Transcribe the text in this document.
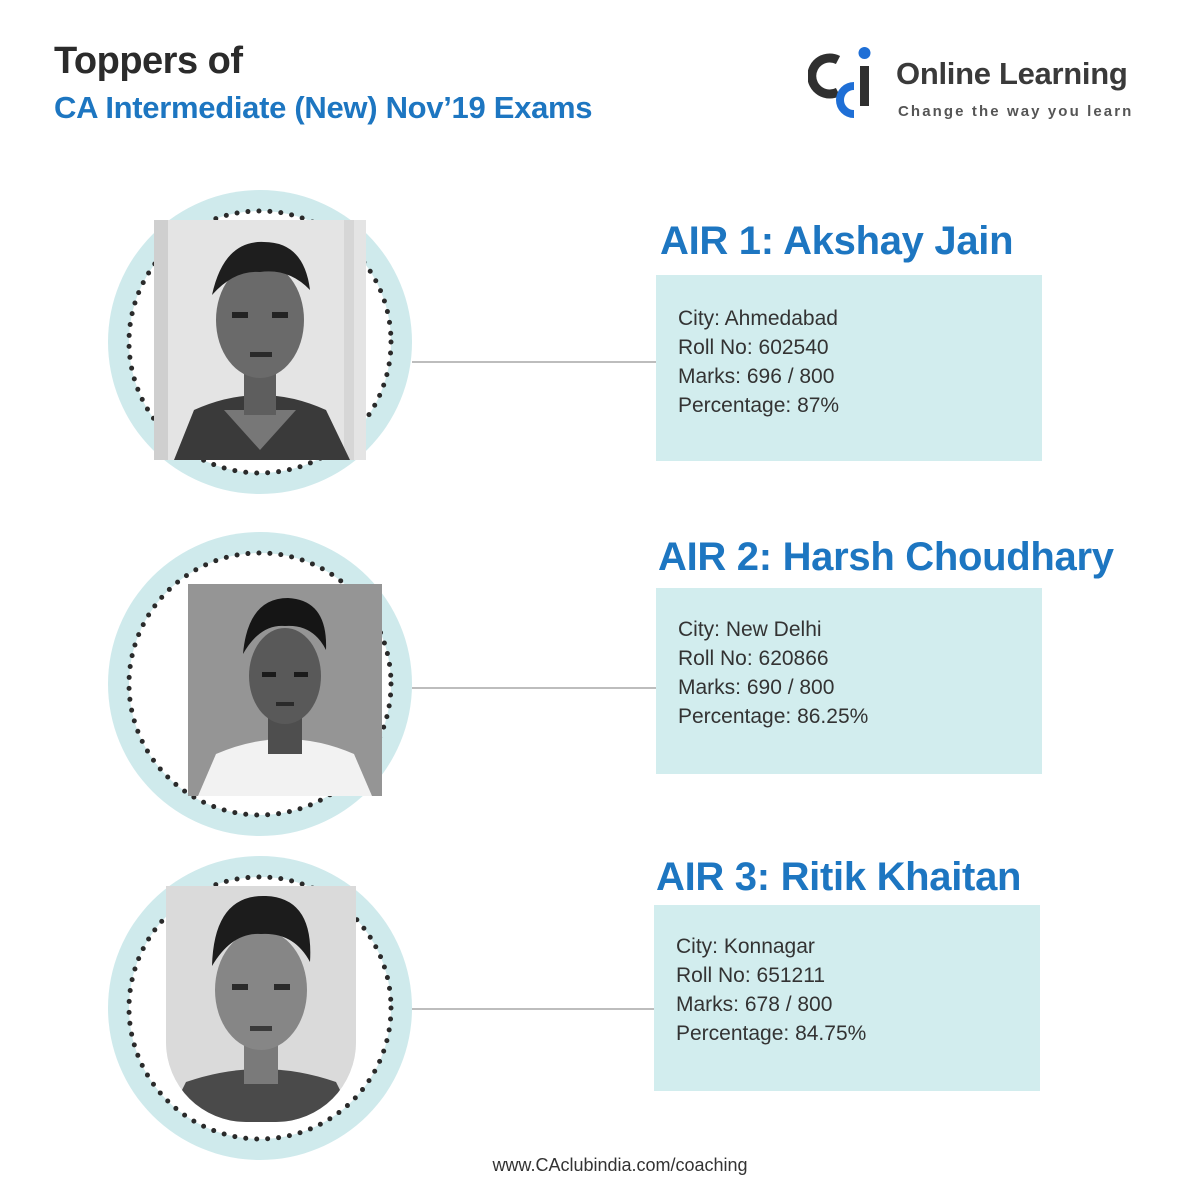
Toppers of
CA Intermediate (New) Nov’19 Exams
Online Learning
Change the way you learn
AIR 1: Akshay Jain
City: Ahmedabad
Roll No: 602540
Marks: 696 / 800
Percentage: 87%
AIR 2: Harsh Choudhary
City: New Delhi
Roll No: 620866
Marks: 690 / 800
Percentage: 86.25%
AIR 3: Ritik Khaitan
City: Konnagar
Roll No: 651211
Marks: 678 / 800
Percentage: 84.75%
www.CAclubindia.com/coaching
